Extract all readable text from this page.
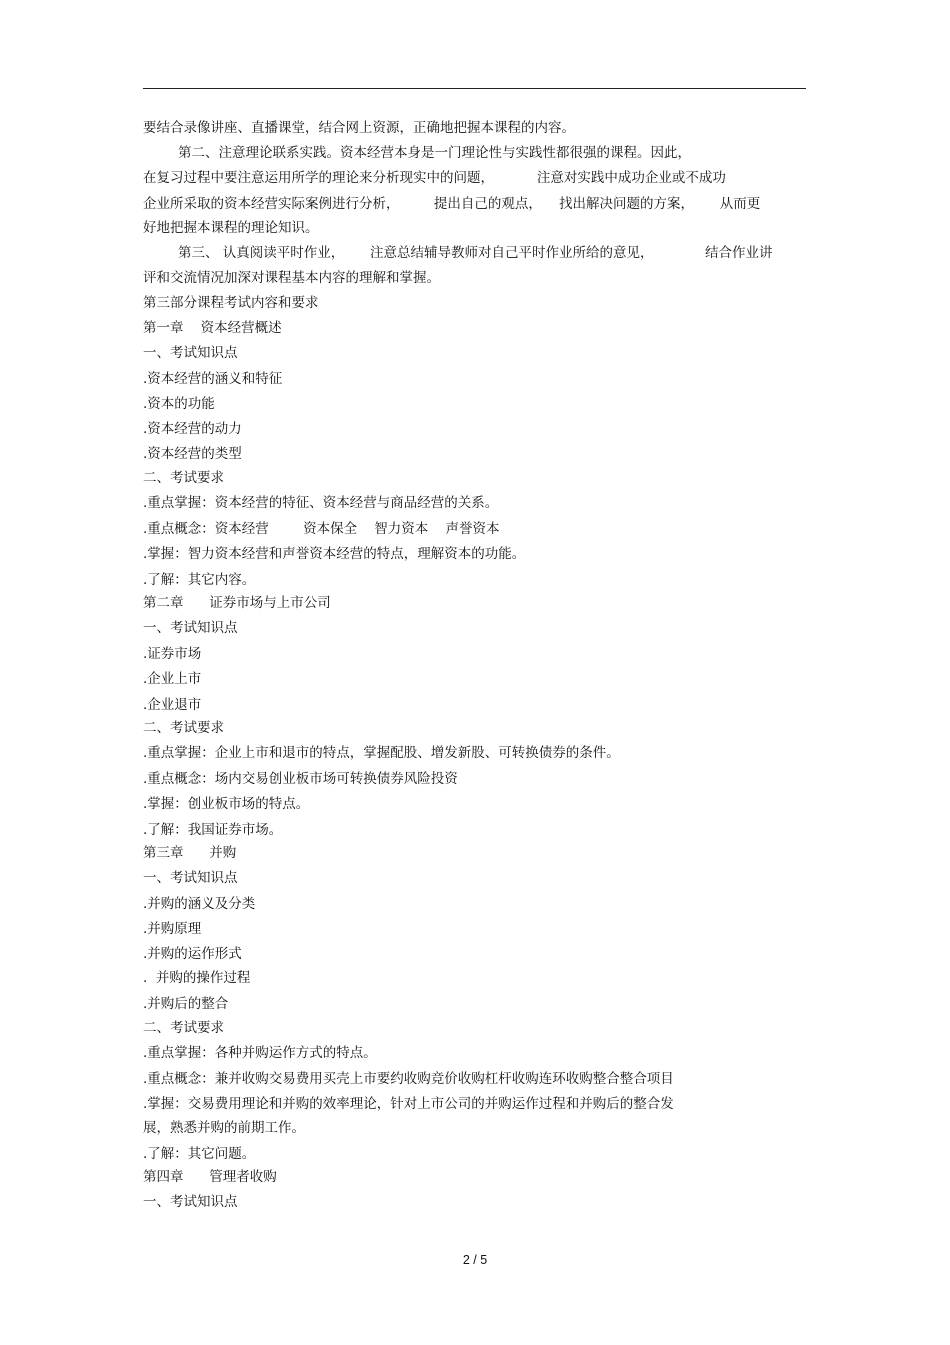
要结合录像讲座、直播课堂，结合网上资源，正确地把握本课程的内容。
第二、注意理论联系实践。资本经营本身是一门理论性与实践性都很强的课程。因此，
在复习过程中要注意运用所学的理论来分析现实中的问题，          注意对实践中成功企业或不成功
企业所采取的资本经营实际案例进行分析，        提出自己的观点，    找出解决问题的方案，      从而更
好地把握本课程的理论知识。
第三、 认真阅读平时作业，      注意总结辅导教师对自己平时作业所给的意见，            结合作业讲
评和交流情况加深对课程基本内容的理解和掌握。
第三部分课程考试内容和要求
第一章    资本经营概述
一、考试知识点
.资本经营的涵义和特征
.资本的功能
.资本经营的动力
.资本经营的类型
二、考试要求
.重点掌握：资本经营的特征、资本经营与商品经营的关系。
.重点概念：资本经营        资本保全    智力资本    声誉资本
.掌握：智力资本经营和声誉资本经营的特点，理解资本的功能。
.了解：其它内容。
第二章      证券市场与上市公司
一、考试知识点
.证券市场
.企业上市
.企业退市
二、考试要求
.重点掌握：企业上市和退市的特点，掌握配股、增发新股、可转换债券的条件。
.重点概念：场内交易创业板市场可转换债券风险投资
.掌握：创业板市场的特点。
.了解：我国证券市场。
第三章      并购
一、考试知识点
.并购的涵义及分类
.并购原理
.并购的运作形式
.  并购的操作过程
.并购后的整合
二、考试要求
.重点掌握：各种并购运作方式的特点。
.重点概念：兼并收购交易费用买壳上市要约收购竞价收购杠杆收购连环收购整合整合项目
.掌握：交易费用理论和并购的效率理论，针对上市公司的并购运作过程和并购后的整合发
展，熟悉并购的前期工作。
.了解：其它问题。
第四章      管理者收购
一、考试知识点
2 / 5
